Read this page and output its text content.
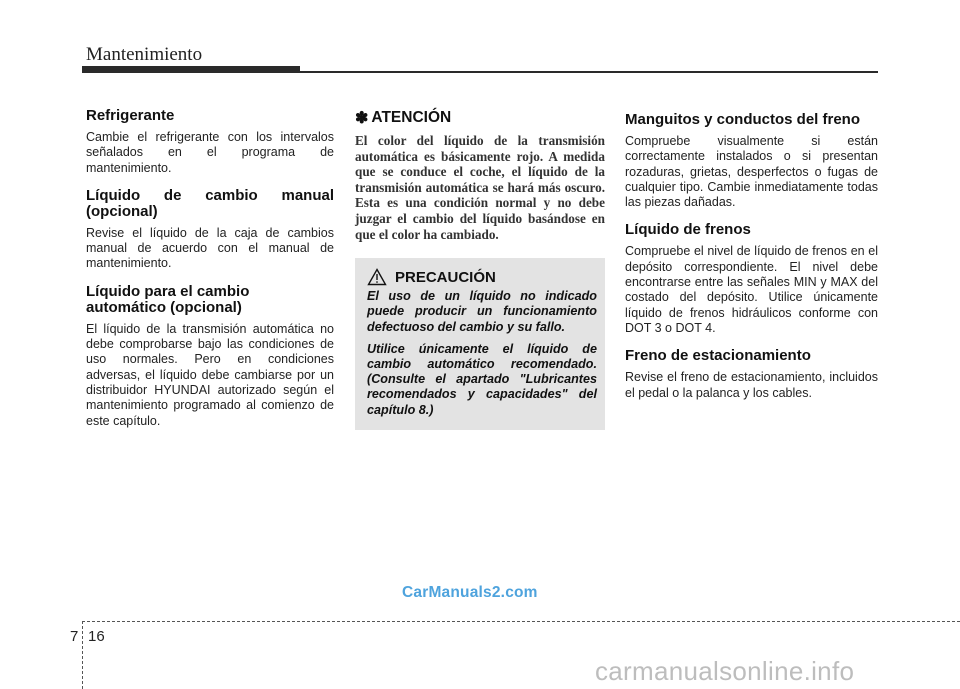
Mantenimiento
Refrigerante

Cambie el refrigerante con los intervalos señalados en el programa de mantenimiento.

Líquido de cambio manual
(opcional)

Revise el líquido de la caja de cambios manual de acuerdo con el manual de mantenimiento.

Líquido para el cambio
automático (opcional)

El líquido de la transmisión automática no debe comprobarse bajo las condiciones de uso normales. Pero en condiciones adversas, el líquido debe cambiarse por un distribuidor HYUNDAI autorizado según el mantenimiento programado al comienzo de este capítulo.

✽ ATENCIÓN

El color del líquido de la transmisión automática es básicamente rojo. A medida que se conduce el coche, el líquido de la transmisión automática se hará más oscuro. Esta es una condición normal y no debe juzgar el cambio del líquido basándose en que el color ha cambiado.

PRECAUCIÓN

El uso de un líquido no indicado puede producir un funcionamiento defectuoso del cambio y su fallo.

Utilice únicamente el líquido de cambio automático recomendado. (Consulte el apartado "Lubricantes recomendados y capacidades" del capítulo 8.)

Manguitos y conductos del freno

Compruebe visualmente si están correctamente instalados o si presentan rozaduras, grietas, desperfectos o fugas de cualquier tipo. Cambie inmediatamente todas las piezas dañadas.

Líquido de frenos

Compruebe el nivel de líquido de frenos en el depósito correspondiente. El nivel debe encontrarse entre las señales MIN y MAX del costado del depósito. Utilice únicamente líquido de frenos hidráulicos conforme con DOT 3 o DOT 4.

Freno de estacionamiento

Revise el freno de estacionamiento, incluidos el pedal o la palanca y los cables.

CarManuals2.com
7 16
carmanualsonline.info
